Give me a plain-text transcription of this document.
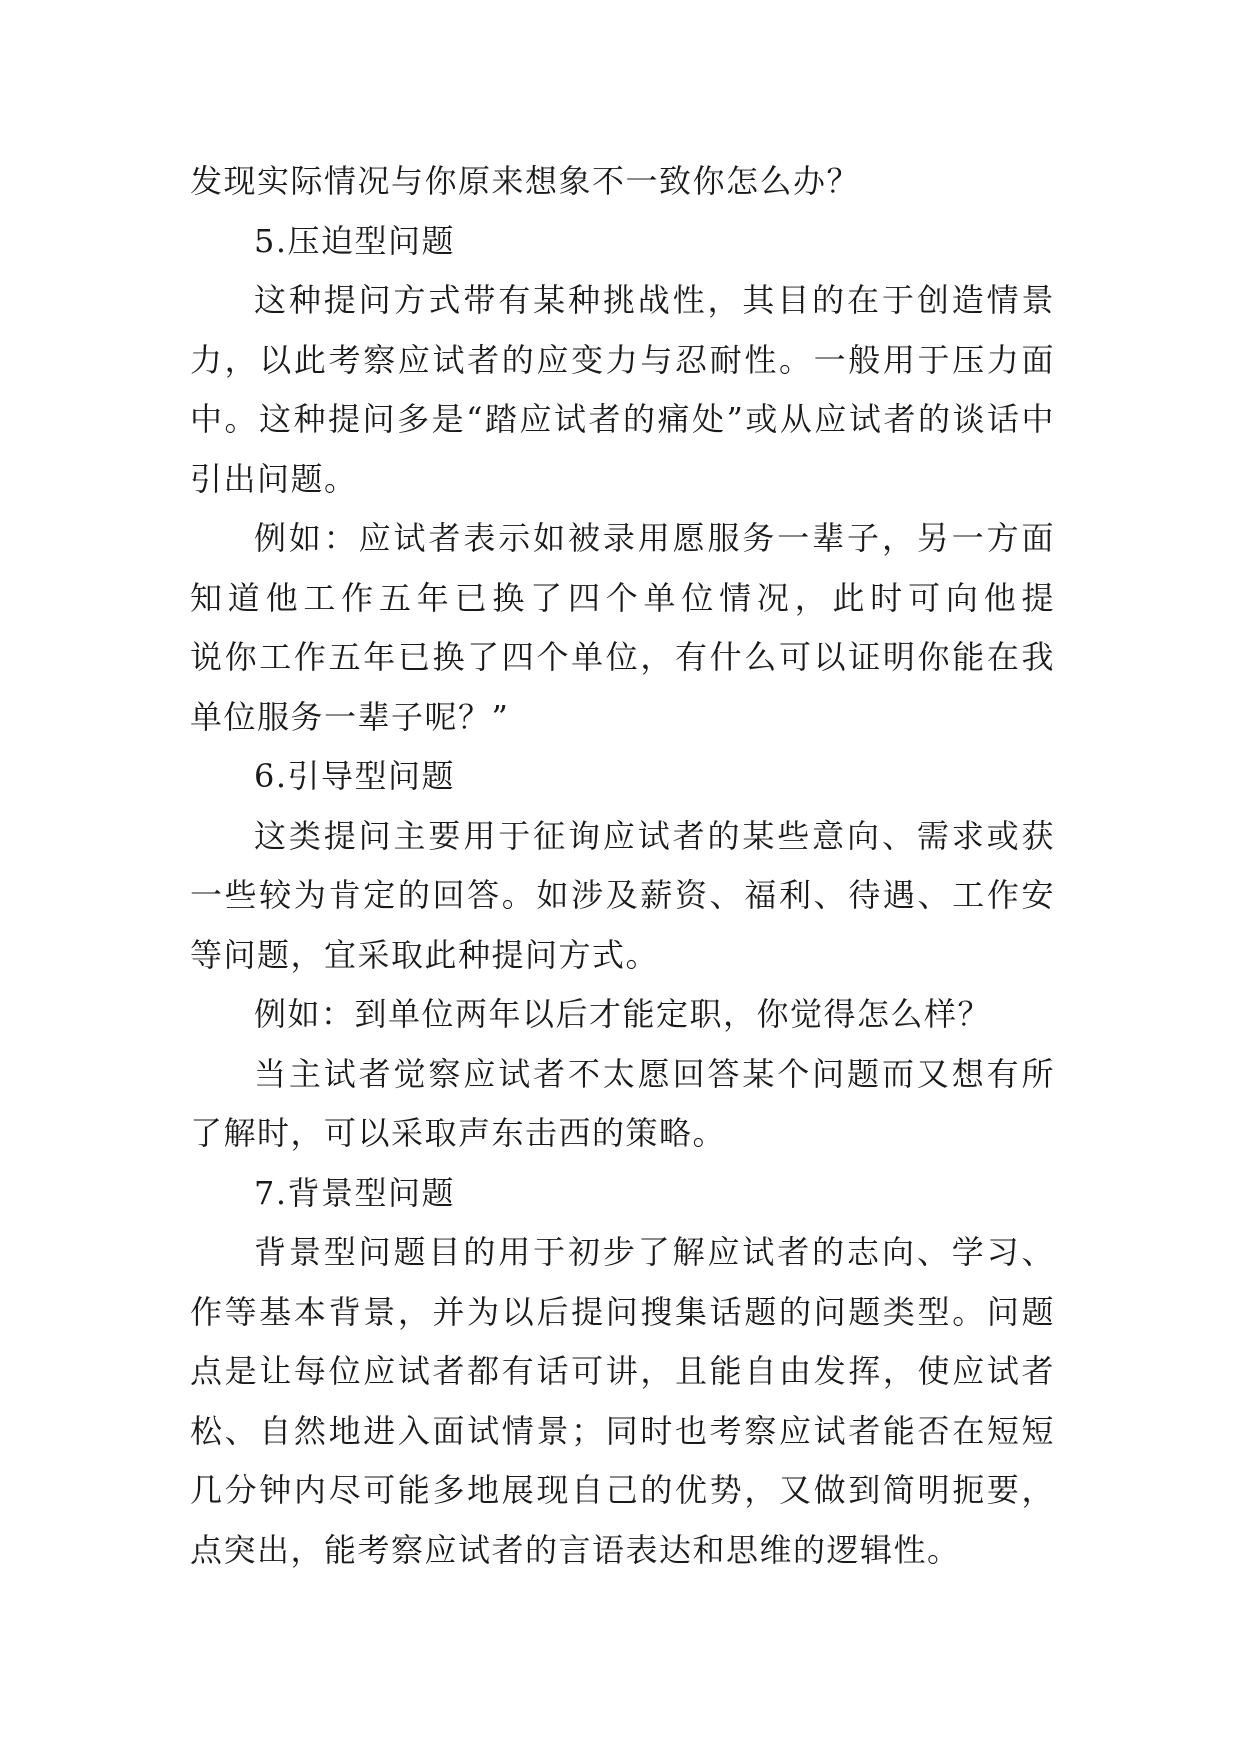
发现实际情况与你原来想象不一致你怎么办？
5.压迫型问题
这种提问方式带有某种挑战性，其目的在于创造情景
力，以此考察应试者的应变力与忍耐性。一般用于压力面
中。这种提问多是“踏应试者的痛处”或从应试者的谈话中
引出问题。
例如：应试者表示如被录用愿服务一辈子，另一方面
知道他工作五年已换了四个单位情况，此时可向他提
说你工作五年已换了四个单位，有什么可以证明你能在我
单位服务一辈子呢？”
6.引导型问题
这类提问主要用于征询应试者的某些意向、需求或获
一些较为肯定的回答。如涉及薪资、福利、待遇、工作安
等问题，宜采取此种提问方式。
例如：到单位两年以后才能定职，你觉得怎么样？
当主试者觉察应试者不太愿回答某个问题而又想有所
了解时，可以采取声东击西的策略。
7.背景型问题
背景型问题目的用于初步了解应试者的志向、学习、
作等基本背景，并为以后提问搜集话题的问题类型。问题
点是让每位应试者都有话可讲，且能自由发挥，使应试者
松、自然地进入面试情景；同时也考察应试者能否在短短
几分钟内尽可能多地展现自己的优势，又做到简明扼要，
点突出，能考察应试者的言语表达和思维的逻辑性。
